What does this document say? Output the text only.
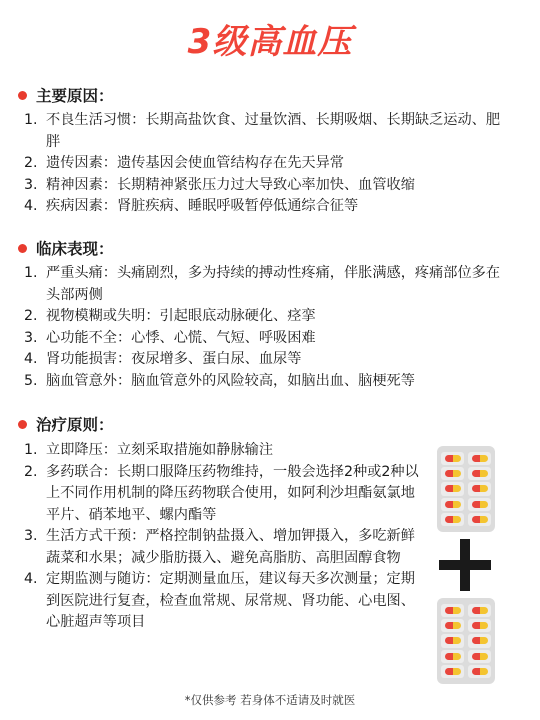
3级高血压
主要原因：
1. 不良生活习惯：长期高盐饮食、过量饮酒、长期吸烟、长期缺乏运动、肥胖
2. 遗传因素：遗传基因会使血管结构存在先天异常
3. 精神因素：长期精神紧张压力过大导致心率加快、血管收缩
4. 疾病因素：肾脏疾病、睡眠呼吸暂停低通综合征等
临床表现：
1. 严重头痛：头痛剧烈，多为持续的搏动性疼痛，伴胀满感，疼痛部位多在头部两侧
2. 视物模糊或失明：引起眼底动脉硬化、痉挛
3. 心功能不全：心悸、心慌、气短、呼吸困难
4. 肾功能损害：夜尿增多、蛋白尿、血尿等
5. 脑血管意外：脑血管意外的风险较高，如脑出血、脑梗死等
治疗原则：
1. 立即降压：立刻采取措施如静脉输注
2. 多药联合：长期口服降压药物维持，一般会选择2种或2种以上不同作用机制的降压药物联合使用，如阿利沙坦酯氨氯地平片、硝苯地平、螺内酯等
3. 生活方式干预：严格控制钠盐摄入、增加钾摄入，多吃新鲜蔬菜和水果；减少脂肪摄入、避免高脂肪、高胆固醇食物
4. 定期监测与随访：定期测量血压，建议每天多次测量；定期到医院进行复查，检查血常规、尿常规、肾功能、心电图、心脏超声等项目
*仅供参考 若身体不适请及时就医
